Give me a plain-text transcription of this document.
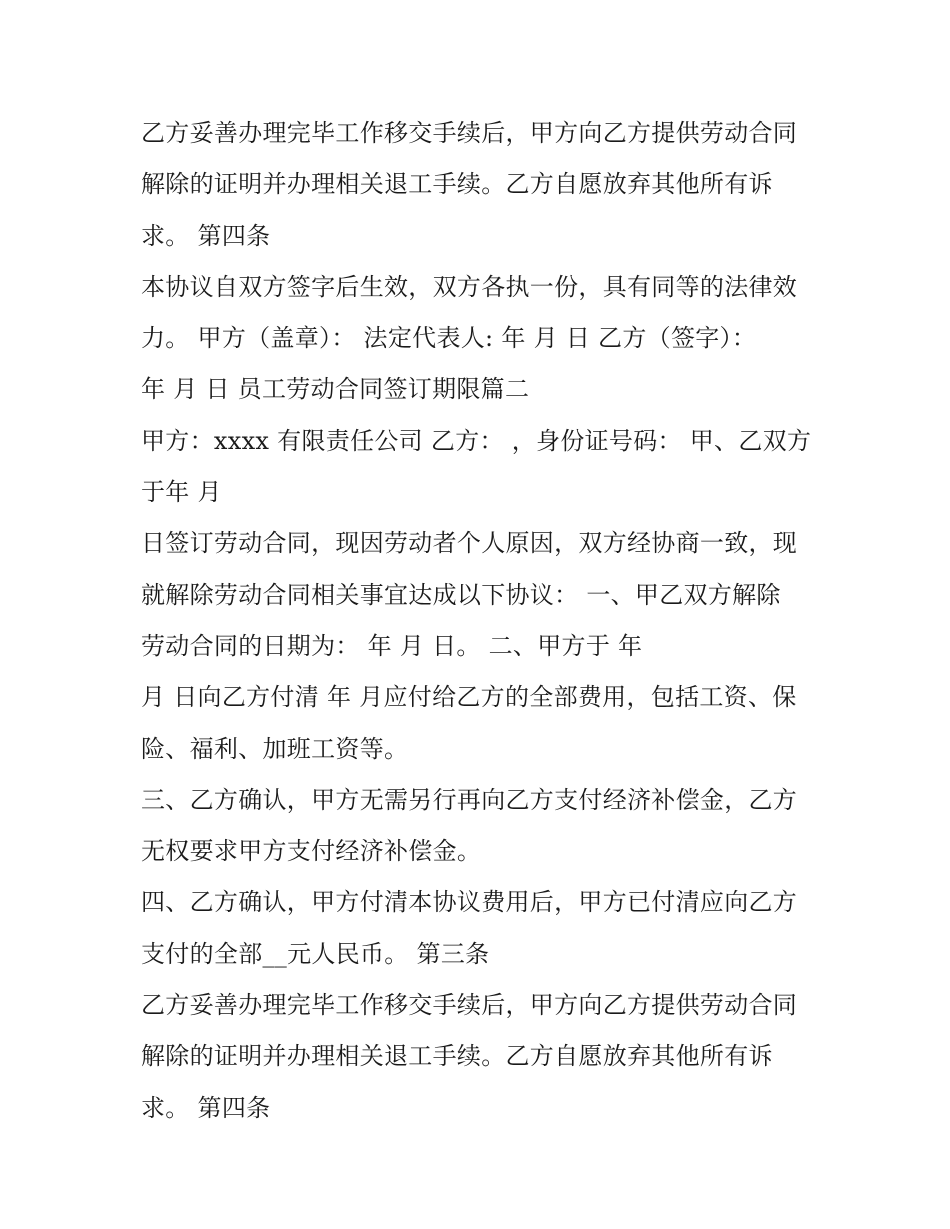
乙方妥善办理完毕工作移交手续后，甲方向乙方提供劳动合同
解除的证明并办理相关退工手续。乙方自愿放弃其他所有诉
求。 第四条
本协议自双方签字后生效，双方各执一份，具有同等的法律效
力。 甲方（盖章）： 法定代表人: 年 月 日 乙方（签字）：
年 月 日 员工劳动合同签订期限篇二
甲方：xxxx 有限责任公司 乙方： ，身份证号码： 甲、乙双方
于年 月
日签订劳动合同，现因劳动者个人原因，双方经协商一致，现
就解除劳动合同相关事宜达成以下协议： 一、甲乙双方解除
劳动合同的日期为： 年 月 日。 二、甲方于 年
月 日向乙方付清 年 月应付给乙方的全部费用，包括工资、保
险、福利、加班工资等。
三、乙方确认，甲方无需另行再向乙方支付经济补偿金，乙方
无权要求甲方支付经济补偿金。
四、乙方确认，甲方付清本协议费用后，甲方已付清应向乙方
支付的全部__元人民币。 第三条
乙方妥善办理完毕工作移交手续后，甲方向乙方提供劳动合同
解除的证明并办理相关退工手续。乙方自愿放弃其他所有诉
求。 第四条
